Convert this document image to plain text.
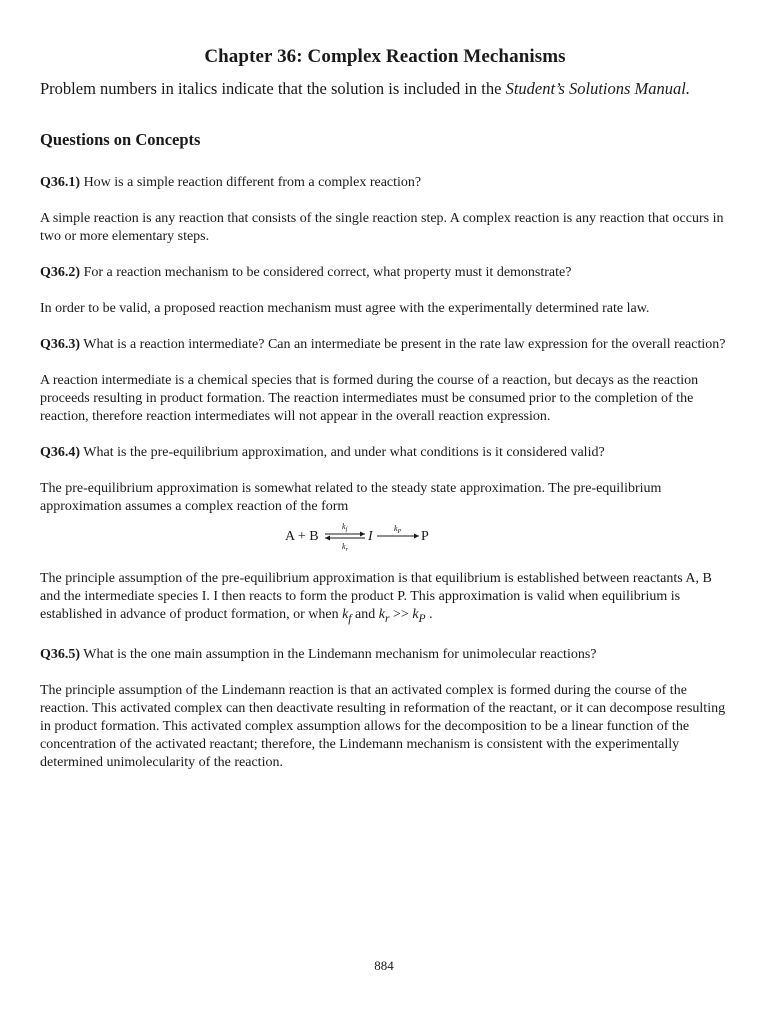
Chapter 36: Complex Reaction Mechanisms

Problem numbers in italics indicate that the solution is included in the Student’s Solutions Manual.

Questions on Concepts

Q36.1) How is a simple reaction different from a complex reaction?

A simple reaction is any reaction that consists of the single reaction step. A complex reaction is any reaction that occurs in two or more elementary steps.

Q36.2) For a reaction mechanism to be considered correct, what property must it demonstrate?

In order to be valid, a proposed reaction mechanism must agree with the experimentally determined rate law.

Q36.3) What is a reaction intermediate? Can an intermediate be present in the rate law expression for the overall reaction?

A reaction intermediate is a chemical species that is formed during the course of a reaction, but decays as the reaction proceeds resulting in product formation. The reaction intermediates must be consumed prior to the completion of the reaction, therefore reaction intermediates will not appear in the overall reaction expression.

Q36.4) What is the pre-equilibrium approximation, and under what conditions is it considered valid?

The pre-equilibrium approximation is somewhat related to the steady state approximation. The pre-equilibrium approximation assumes a complex reaction of the form

A + B
$k_f$
$k_r$
I
$k_P$ P

The principle assumption of the pre-equilibrium approximation is that equilibrium is established between reactants A, B and the intermediate species I. I then reacts to form the product P. This approximation is valid when equilibrium is established in advance of product formation, or when $k_f$ and $k_r >> k_P$ .

Q36.5) What is the one main assumption in the Lindemann mechanism for unimolecular reactions?

The principle assumption of the Lindemann reaction is that an activated complex is formed during the course of the reaction. This activated complex can then deactivate resulting in reformation of the reactant, or it can decompose resulting in product formation. This activated complex assumption allows for the decomposition to be a linear function of the concentration of the activated reactant; therefore, the Lindemann mechanism is consistent with the experimentally determined unimolecularity of the reaction.

884
